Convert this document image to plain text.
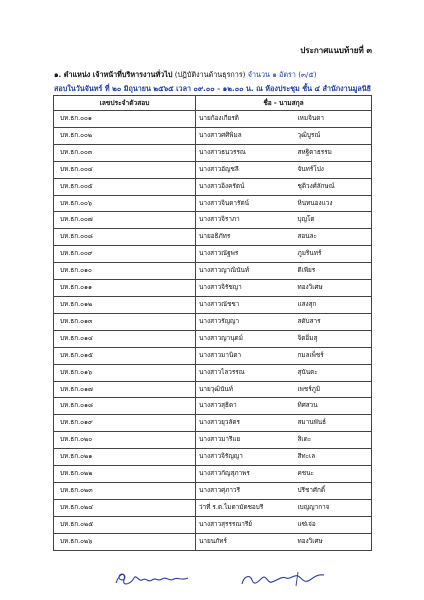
ประกาศแนบท้ายที่ ๓
๑. ตำแหน่ง เจ้าหน้าที่บริหารงานทั่วไป (ปฏิบัติงานด้านธุรการ) จำนวน ๑ อัตรา (๓/๕)
สอบในวันจันทร์ ที่ ๒๐ มิถุนายน ๒๕๖๕ เวลา ๐๙.๐๐ - ๑๒.๐๐ น. ณ ห้องประชุม ชั้น ๔ สำนักงานมูลนิธิ
เลขประจำตัวสอบ	ชื่อ - นามสกุล	
บห.ธก.๐๐๑	นายก้องเกียรติ	เหมจินดา
บห.ธก.๐๐๒	นางสาวศศิพิมล	วุฒิบูรณ์
บห.ธก.๐๐๓	นางสาวธนวรรณ	สหฐิตาธรรม
บห.ธก.๐๐๔	นางสาวอัญชลี	จันทร์โปง
บห.ธก.๐๐๕	นางสาวอิงครัตน์	ชุติวงศ์ลักษณ์
บห.ธก.๐๐๖	นางสาวจินดารัตน์	หินทนองแวง
บห.ธก.๐๐๗	นางสาวจิราภา	บุญโต
บห.ธก.๐๐๘	นายอธิภัทร	สอนละ
บห.ธก.๐๐๙	นางสาวณัฐพร	ภูมรินทร์
บห.ธก.๐๑๐	นางสาวญาณินันท์	ดีเพียร
บห.ธก.๐๑๑	นางสาวจิรัชญา	ทองวิเศษ
บห.ธก.๐๑๒	นางสาวณัชชา	แสงสุก
บห.ธก.๐๑๓	นางสาวรัญญา	สดับสาร
บห.ธก.๐๑๔	นางสาวญานุตม์	จิตอิ่มสุ
บห.ธก.๐๑๕	นางสาวมานิดา	กมลเพ็ชร์
บห.ธก.๐๑๖	นางสาวไลวรรณ	สุนันตะ
บห.ธก.๐๑๗	นายวุฒินันท์	เพชร์ภูมิ
บห.ธก.๐๑๘	นางสาวสุธิดา	ทิศสวน
บห.ธก.๐๑๙	นางสาวยุวลัดร	สมานพันธ์
บห.ธก.๐๒๐	นางสาวมารีแย	สิเดะ
บห.ธก.๐๒๑	นางสาวจิรัญญา	สีทะเล
บห.ธก.๐๒๒	นางสาวกัญสุภาพร	คชนะ
บห.ธก.๐๒๓	นางสาวศุภาวรี	ปรีชาศักดิ์
บห.ธก.๐๒๔	ว่าที่ ร.ต.ไมตามัดชอบรี	เบญญากาจ
บห.ธก.๐๒๕	นางสาวสุรรรณารีย์	แซ่เจ่อ
บห.ธก.๐๒๖	นายนภัทร์	ทองวิเศษ
